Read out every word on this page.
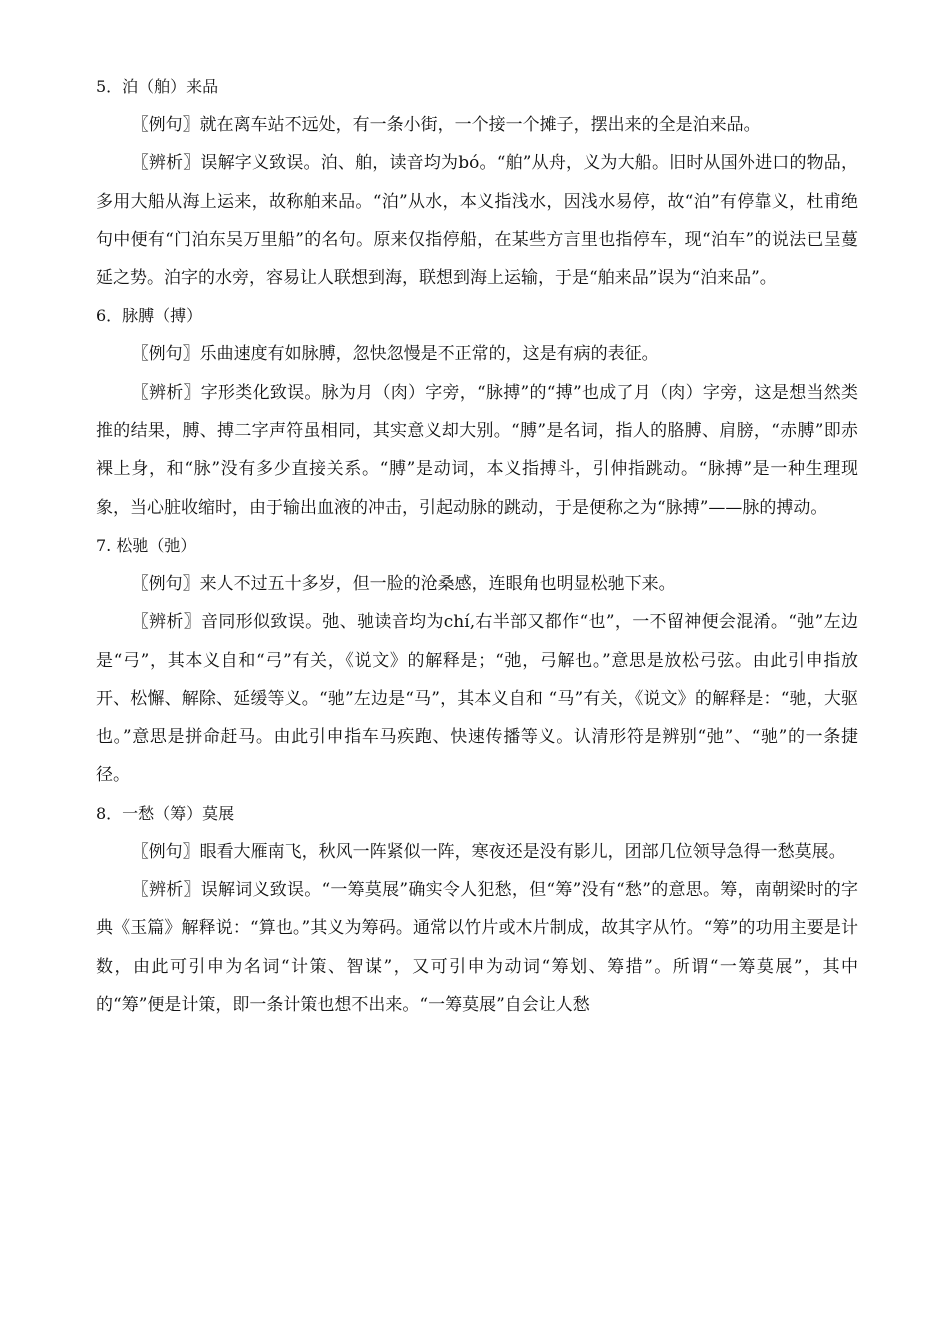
5．泊（舶）来品

〖例句〗就在离车站不远处，有一条小街，一个接一个摊子，摆出来的全是泊来品。

〖辨析〗误解字义致误。泊、舶，读音均为bó。“舶”从舟，义为大船。旧时从国外进口的物品，多用大船从海上运来，故称舶来品。“泊”从水，本义指浅水，因浅水易停，故“泊”有停靠义，杜甫绝句中便有“门泊东吴万里船”的名句。原来仅指停船，在某些方言里也指停车，现“泊车”的说法已呈蔓延之势。泊字的水旁，容易让人联想到海，联想到海上运输，于是“舶来品”误为“泊来品”。

6．脉膊（搏）

〖例句〗乐曲速度有如脉膊，忽快忽慢是不正常的，这是有病的表征。

〖辨析〗字形类化致误。脉为月（肉）字旁，“脉搏”的“搏”也成了月（肉）字旁，这是想当然类推的结果，膊、搏二字声符虽相同，其实意义却大别。“膊”是名词，指人的胳膊、肩膀，“赤膊”即赤裸上身，和“脉”没有多少直接关系。“膊”是动词，本义指搏斗，引伸指跳动。“脉搏”是一种生理现象，当心脏收缩时，由于输出血液的冲击，引起动脉的跳动，于是便称之为“脉搏”——脉的搏动。

7. 松驰（弛）

〖例句〗来人不过五十多岁，但一脸的沧桑感，连眼角也明显松驰下来。

〖辨析〗音同形似致误。弛、驰读音均为chí,右半部又都作“也”，一不留神便会混淆。“弛”左边是“弓”，其本义自和“弓”有关，《说文》的解释是；“弛，弓解也。”意思是放松弓弦。由此引申指放开、松懈、解除、延缓等义。“驰”左边是“马”，其本义自和 “马”有关，《说文》的解释是：“驰，大驱也。”意思是拼命赶马。由此引申指车马疾跑、快速传播等义。认清形符是辨别“弛”、“驰”的一条捷径。

8．一愁（筹）莫展

〖例句〗眼看大雁南飞，秋风一阵紧似一阵，寒夜还是没有影儿，团部几位领导急得一愁莫展。

〖辨析〗误解词义致误。“一筹莫展”确实令人犯愁，但“筹”没有“愁”的意思。筹，南朝梁时的字典《玉篇》解释说：“算也。”其义为筹码。通常以竹片或木片制成，故其字从竹。“筹”的功用主要是计数，由此可引申为名词“计策、智谋”，又可引申为动词“筹划、筹措”。所谓“一筹莫展”，其中的“筹”便是计策，即一条计策也想不出来。“一筹莫展”自会让人愁
